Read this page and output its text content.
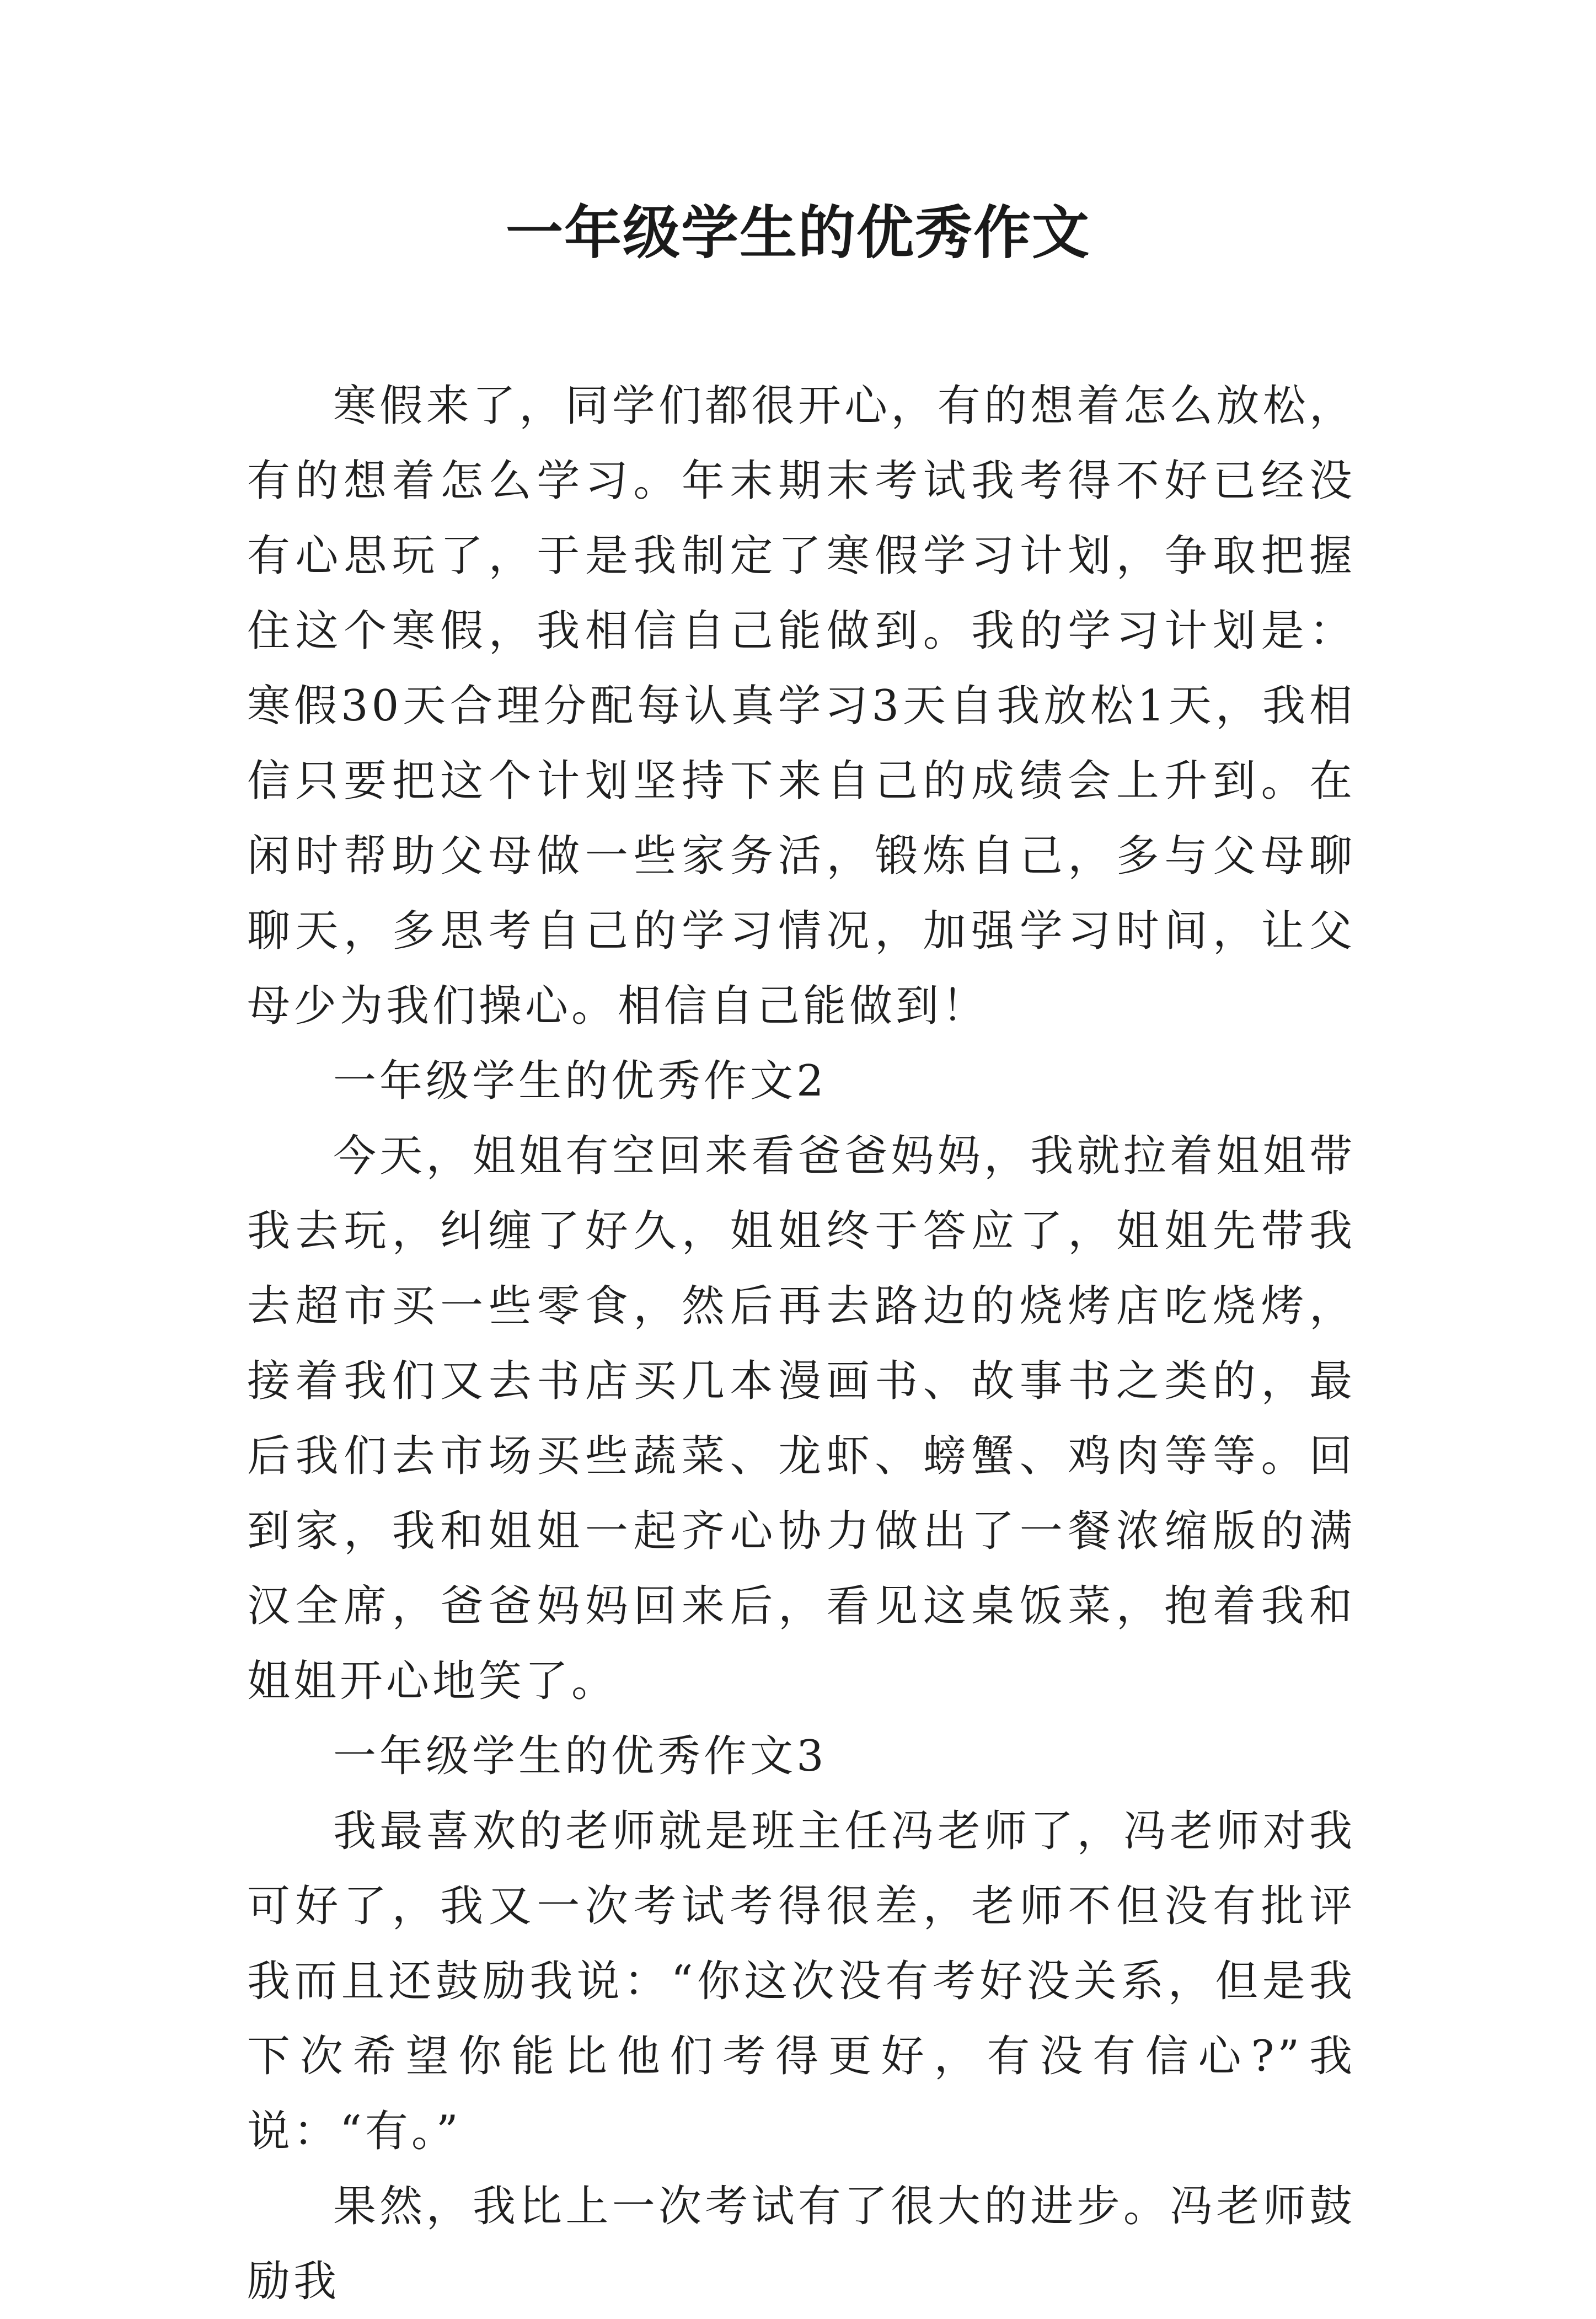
一年级学生的优秀作文

寒假来了，同学们都很开心，有的想着怎么放松，有的想着怎么学习。年末期末考试我考得不好已经没有心思玩了，于是我制定了寒假学习计划，争取把握住这个寒假，我相信自己能做到。我的学习计划是：寒假30天合理分配每认真学习3天自我放松1天，我相信只要把这个计划坚持下来自己的成绩会上升到。在闲时帮助父母做一些家务活，锻炼自己，多与父母聊聊天，多思考自己的学习情况，加强学习时间，让父母少为我们操心。相信自己能做到！

一年级学生的优秀作文2

今天，姐姐有空回来看爸爸妈妈，我就拉着姐姐带我去玩，纠缠了好久，姐姐终于答应了，姐姐先带我去超市买一些零食，然后再去路边的烧烤店吃烧烤，接着我们又去书店买几本漫画书、故事书之类的，最后我们去市场买些蔬菜、龙虾、螃蟹、鸡肉等等。回到家，我和姐姐一起齐心协力做出了一餐浓缩版的满汉全席，爸爸妈妈回来后，看见这桌饭菜，抱着我和姐姐开心地笑了。

一年级学生的优秀作文3

我最喜欢的老师就是班主任冯老师了，冯老师对我可好了，我又一次考试考得很差，老师不但没有批评我而且还鼓励我说：“你这次没有考好没关系，但是我下次希望你能比他们考得更好，有没有信心?”我说：“有。”

果然，我比上一次考试有了很大的进步。冯老师鼓励我
